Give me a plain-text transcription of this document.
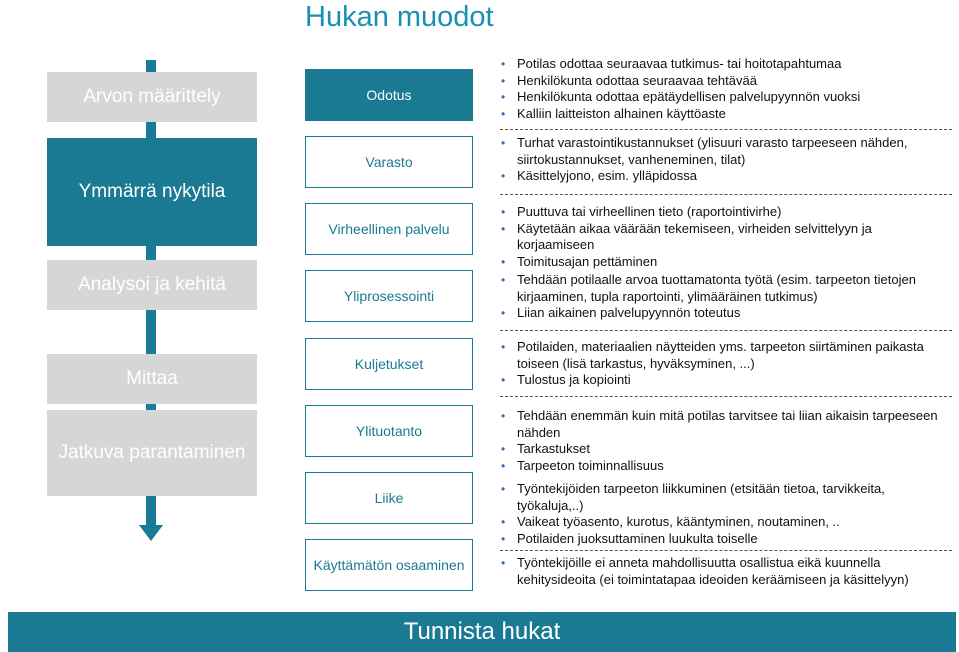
Hukan muodot
Arvon määrittely
Ymmärrä nykytila
Analysoi ja kehitä
Mittaa
Jatkuva parantaminen
Odotus
Varasto
Virheellinen palvelu
Yliprosessointi
Kuljetukset
Ylituotanto
Liike
Käyttämätön osaaminen
• Potilas odottaa seuraavaa tutkimus- tai hoitotapahtumaa
• Henkilökunta odottaa seuraavaa tehtävää
• Henkilökunta odottaa epätäydellisen palvelupyynnön vuoksi
• Kalliin laitteiston alhainen käyttöaste
• Turhat varastointikustannukset (ylisuuri varasto tarpeeseen nähden, siirtokustannukset, vanheneminen, tilat)
• Käsittelyjono, esim. ylläpidossa
• Puuttuva tai virheellinen tieto (raportointivirhe)
• Käytetään aikaa väärään tekemiseen, virheiden selvittelyyn ja korjaamiseen
• Toimitusajan pettäminen
• Tehdään potilaalle arvoa tuottamatonta työtä (esim. tarpeeton tietojen kirjaaminen, tupla raportointi, ylimääräinen tutkimus)
• Liian aikainen palvelupyynnön toteutus
• Potilaiden, materiaalien näytteiden yms. tarpeeton siirtäminen paikasta toiseen (lisä tarkastus, hyväksyminen, ...)
• Tulostus ja kopiointi
• Tehdään enemmän kuin mitä potilas tarvitsee tai liian aikaisin tarpeeseen nähden
• Tarkastukset
• Tarpeeton toiminnallisuus
• Työntekijöiden tarpeeton liikkuminen (etsitään tietoa, tarvikkeita, työkaluja,..)
• Vaikeat työasento, kurotus, kääntyminen, noutaminen, ..
• Potilaiden juoksuttaminen luukulta toiselle
• Työntekijöille ei anneta mahdollisuutta osallistua eikä kuunnella kehitysideoita (ei toimintatapaa ideoiden keräämiseen ja käsittelyyn)
Tunnista hukat
